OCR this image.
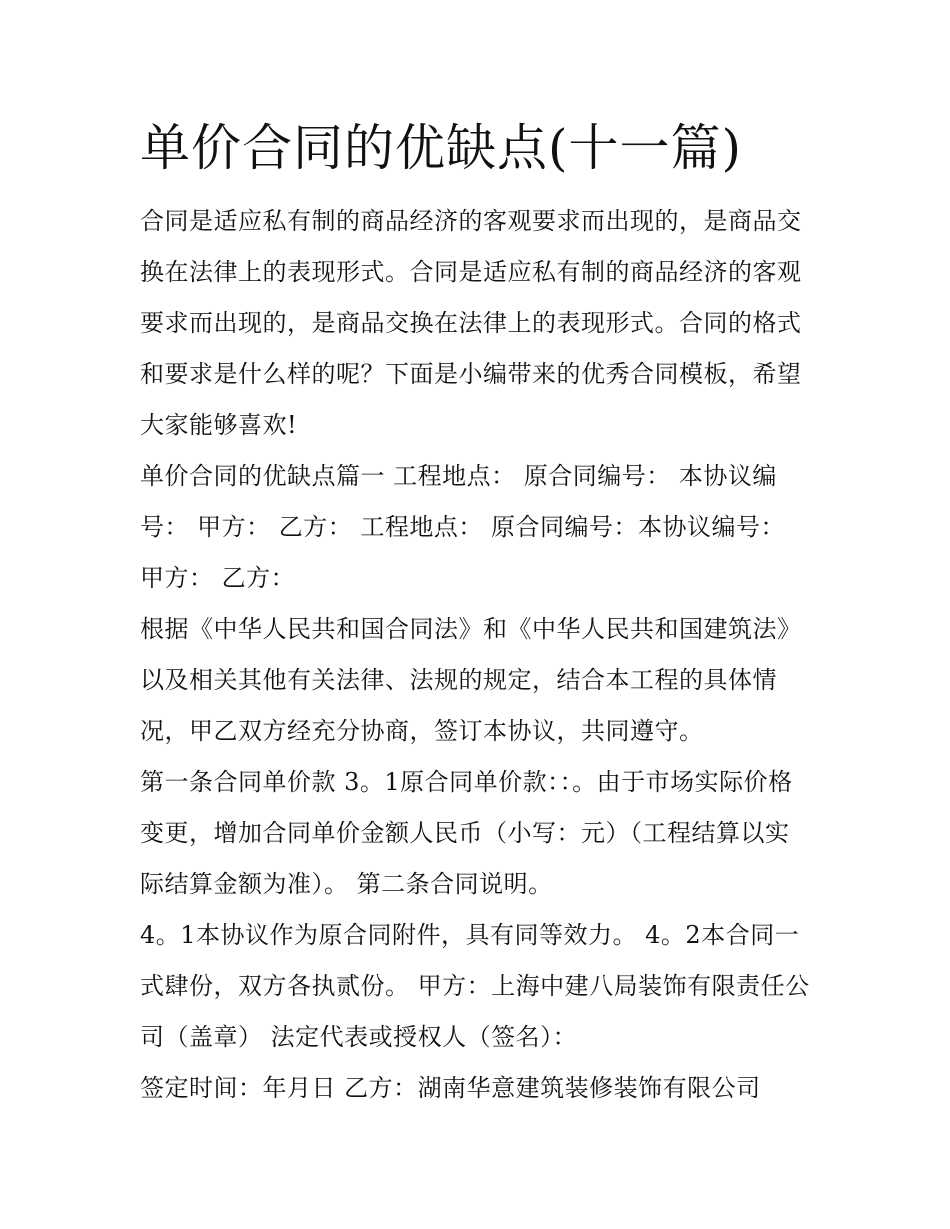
单价合同的优缺点(十一篇)

合同是适应私有制的商品经济的客观要求而出现的，是商品交换在法律上的表现形式。合同是适应私有制的商品经济的客观要求而出现的，是商品交换在法律上的表现形式。合同的格式和要求是什么样的呢？下面是小编带来的优秀合同模板，希望大家能够喜欢!

单价合同的优缺点篇一 工程地点： 原合同编号： 本协议编号： 甲方： 乙方： 工程地点： 原合同编号：本协议编号： 甲方： 乙方：

根据《中华人民共和国合同法》和《中华人民共和国建筑法》以及相关其他有关法律、法规的规定，结合本工程的具体情况，甲乙双方经充分协商，签订本协议，共同遵守。

第一条合同单价款 3。1原合同单价款：：。由于市场实际价格变更，增加合同单价金额人民币（小写：元）（工程结算以实际结算金额为准）。 第二条合同说明。

4。1本协议作为原合同附件，具有同等效力。 4。2本合同一式肆份，双方各执贰份。 甲方：上海中建八局装饰有限责任公司（盖章） 法定代表或授权人（签名）：

签定时间：年月日 乙方：湖南华意建筑装修装饰有限公司
